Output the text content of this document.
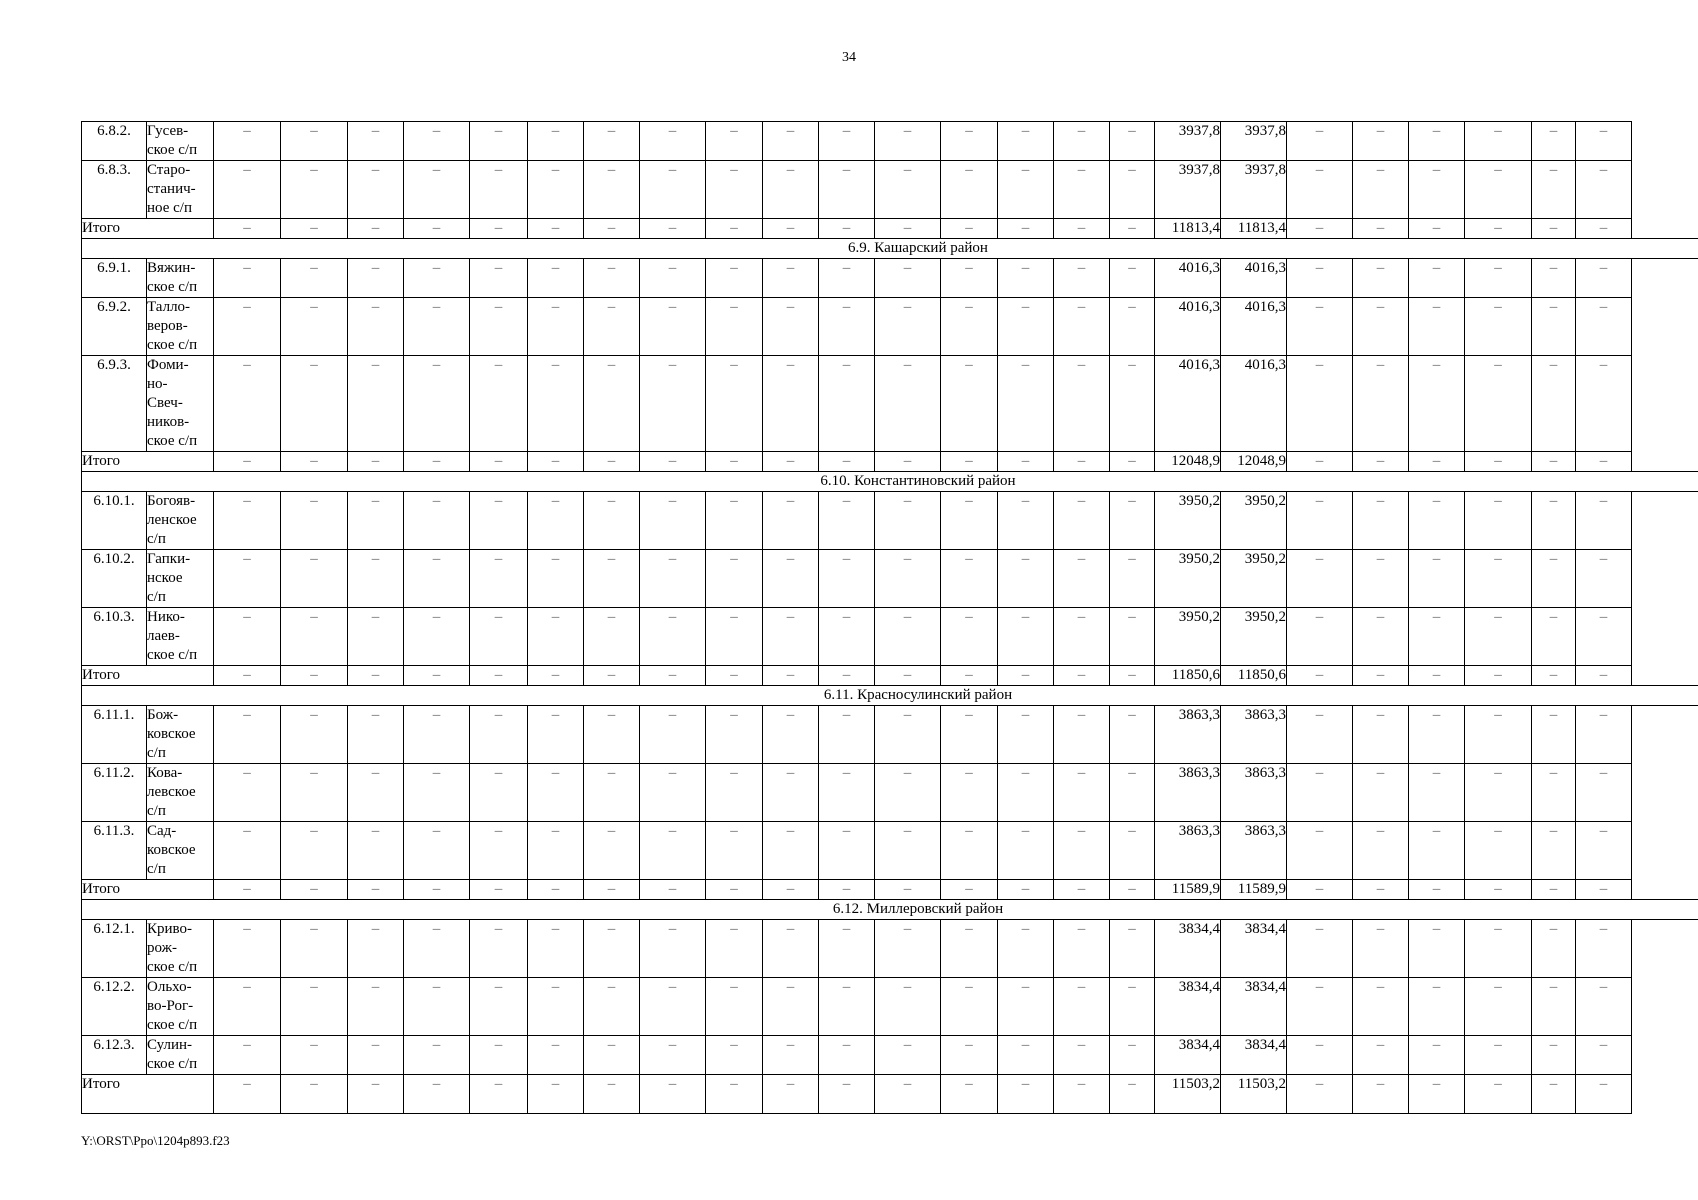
34
6.8.2.	Гусев-
ское с/п	–	–	–	–	–	–	–	–	–	–	–	–	–	–	–	–	3937,8	3937,8	–	–	–	–	–	–
6.8.3.	Старо-
станич-
ное с/п	–	–	–	–	–	–	–	–	–	–	–	–	–	–	–	–	3937,8	3937,8	–	–	–	–	–	–
Итого		–	–	–	–	–	–	–	–	–	–	–	–	–	–	–	–	11813,4	11813,4	–	–	–	–	–	–
6.9. Кашарский район																									
6.9.1.	Вяжин-
ское с/п	–	–	–	–	–	–	–	–	–	–	–	–	–	–	–	–	4016,3	4016,3	–	–	–	–	–	–
6.9.2.	Талло-
веров-
ское с/п	–	–	–	–	–	–	–	–	–	–	–	–	–	–	–	–	4016,3	4016,3	–	–	–	–	–	–
6.9.3.	Фоми-
но-
Свеч-
ников-
ское с/п	–	–	–	–	–	–	–	–	–	–	–	–	–	–	–	–	4016,3	4016,3	–	–	–	–	–	–
Итого		–	–	–	–	–	–	–	–	–	–	–	–	–	–	–	–	12048,9	12048,9	–	–	–	–	–	–
6.10. Константиновский район																									
6.10.1.	Богояв-
ленское
с/п	–	–	–	–	–	–	–	–	–	–	–	–	–	–	–	–	3950,2	3950,2	–	–	–	–	–	–
6.10.2.	Гапки-
нское
с/п	–	–	–	–	–	–	–	–	–	–	–	–	–	–	–	–	3950,2	3950,2	–	–	–	–	–	–
6.10.3.	Нико-
лаев-
ское с/п	–	–	–	–	–	–	–	–	–	–	–	–	–	–	–	–	3950,2	3950,2	–	–	–	–	–	–
Итого		–	–	–	–	–	–	–	–	–	–	–	–	–	–	–	–	11850,6	11850,6	–	–	–	–	–	–
6.11. Красносулинский район																									
6.11.1.	Бож-
ковское
с/п	–	–	–	–	–	–	–	–	–	–	–	–	–	–	–	–	3863,3	3863,3	–	–	–	–	–	–
6.11.2.	Кова-
левское
с/п	–	–	–	–	–	–	–	–	–	–	–	–	–	–	–	–	3863,3	3863,3	–	–	–	–	–	–
6.11.3.	Сад-
ковское
с/п	–	–	–	–	–	–	–	–	–	–	–	–	–	–	–	–	3863,3	3863,3	–	–	–	–	–	–
Итого		–	–	–	–	–	–	–	–	–	–	–	–	–	–	–	–	11589,9	11589,9	–	–	–	–	–	–
6.12. Миллеровский район																									
6.12.1.	Криво-
рож-
ское с/п	–	–	–	–	–	–	–	–	–	–	–	–	–	–	–	–	3834,4	3834,4	–	–	–	–	–	–
6.12.2.	Ольхо-
во-Рог-
ское с/п	–	–	–	–	–	–	–	–	–	–	–	–	–	–	–	–	3834,4	3834,4	–	–	–	–	–	–
6.12.3.	Сулин-
ское с/п	–	–	–	–	–	–	–	–	–	–	–	–	–	–	–	–	3834,4	3834,4	–	–	–	–	–	–
Итого		–	–	–	–	–	–	–	–	–	–	–	–	–	–	–	–	11503,2	11503,2	–	–	–	–	–	–
Y:\ORST\Ppo\1204p893.f23
